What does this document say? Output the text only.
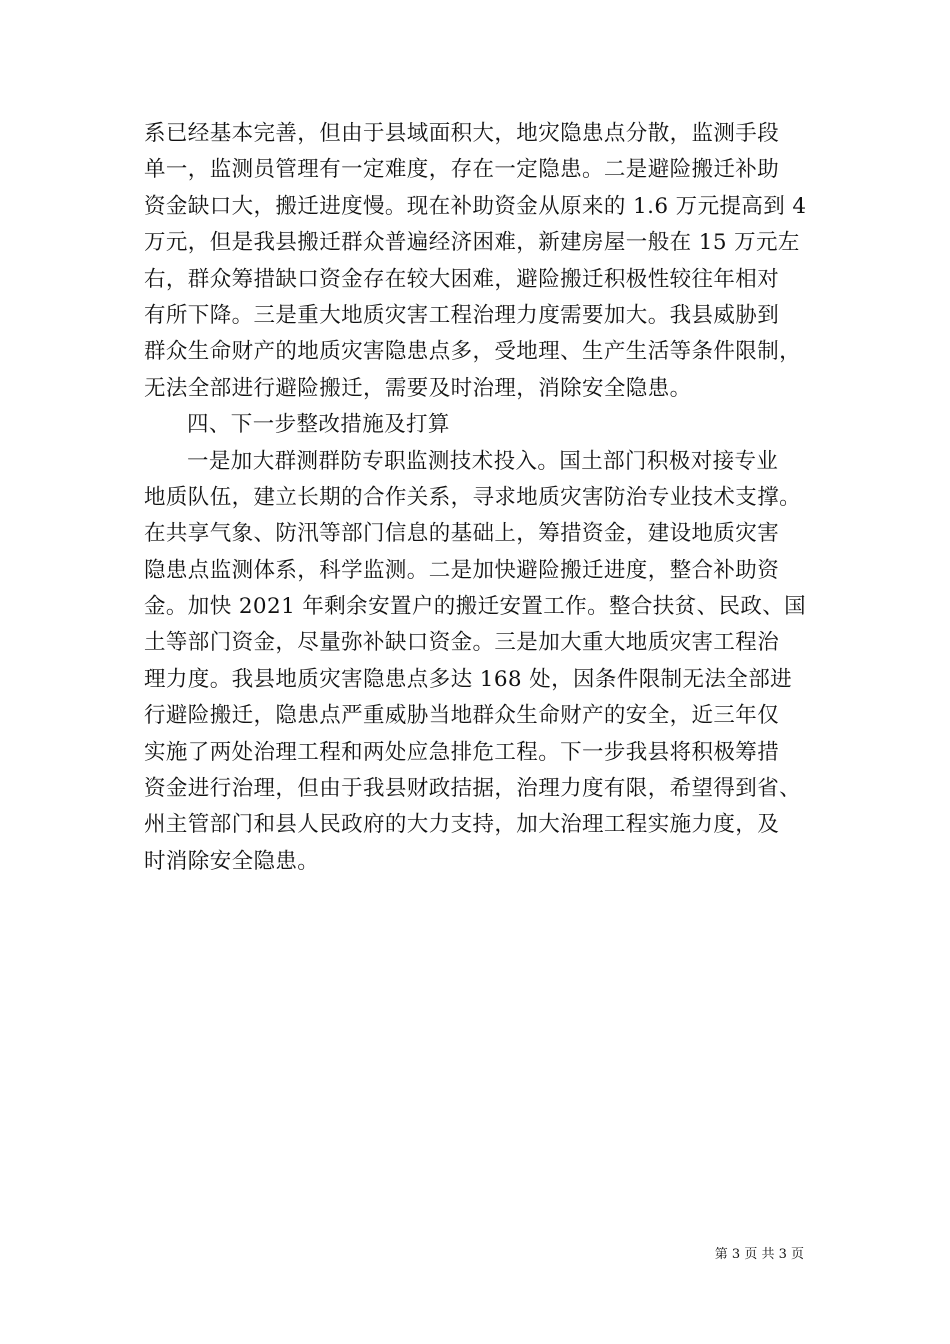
系已经基本完善，但由于县域面积大，地灾隐患点分散，监测手段
单一，监测员管理有一定难度，存在一定隐患。二是避险搬迁补助
资金缺口大，搬迁进度慢。现在补助资金从原来的 1.6 万元提高到 4
万元，但是我县搬迁群众普遍经济困难，新建房屋一般在 15 万元左
右，群众筹措缺口资金存在较大困难，避险搬迁积极性较往年相对
有所下降。三是重大地质灾害工程治理力度需要加大。我县威胁到
群众生命财产的地质灾害隐患点多，受地理、生产生活等条件限制，
无法全部进行避险搬迁，需要及时治理，消除安全隐患。
四、下一步整改措施及打算
一是加大群测群防专职监测技术投入。国土部门积极对接专业
地质队伍，建立长期的合作关系，寻求地质灾害防治专业技术支撑。
在共享气象、防汛等部门信息的基础上，筹措资金，建设地质灾害
隐患点监测体系，科学监测。二是加快避险搬迁进度，整合补助资
金。加快 2021 年剩余安置户的搬迁安置工作。整合扶贫、民政、国
土等部门资金，尽量弥补缺口资金。三是加大重大地质灾害工程治
理力度。我县地质灾害隐患点多达 168 处，因条件限制无法全部进
行避险搬迁，隐患点严重威胁当地群众生命财产的安全，近三年仅
实施了两处治理工程和两处应急排危工程。下一步我县将积极筹措
资金进行治理，但由于我县财政拮据，治理力度有限，希望得到省、
州主管部门和县人民政府的大力支持，加大治理工程实施力度，及
时消除安全隐患。
第 3 页 共 3 页
